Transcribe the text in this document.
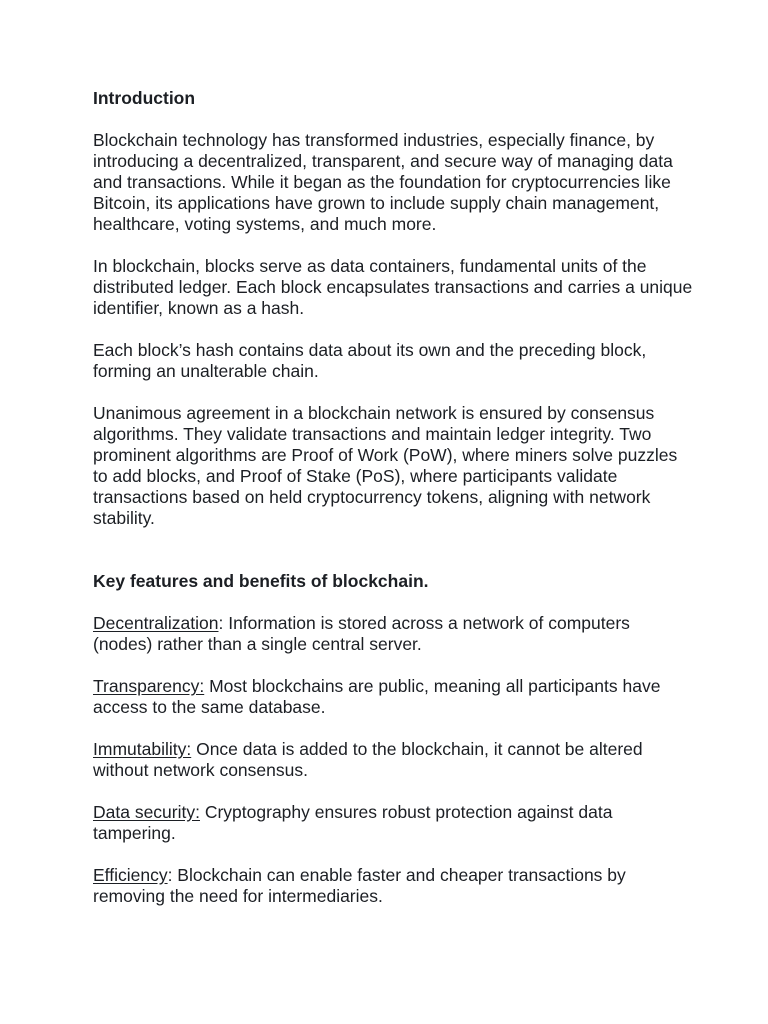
Introduction

Blockchain technology has transformed industries, especially finance, by introducing a decentralized, transparent, and secure way of managing data and transactions. While it began as the foundation for cryptocurrencies like Bitcoin, its applications have grown to include supply chain management, healthcare, voting systems, and much more.

In blockchain, blocks serve as data containers, fundamental units of the distributed ledger. Each block encapsulates transactions and carries a unique identifier, known as a hash.

Each block’s hash contains data about its own and the preceding block, forming an unalterable chain.

Unanimous agreement in a blockchain network is ensured by consensus algorithms. They validate transactions and maintain ledger integrity. Two prominent algorithms are Proof of Work (PoW), where miners solve puzzles to add blocks, and Proof of Stake (PoS), where participants validate transactions based on held cryptocurrency tokens, aligning with network stability.

Key features and benefits of blockchain.

Decentralization: Information is stored across a network of computers (nodes) rather than a single central server.

Transparency: Most blockchains are public, meaning all participants have access to the same database.

Immutability: Once data is added to the blockchain, it cannot be altered without network consensus.

Data security: Cryptography ensures robust protection against data tampering.

Efficiency: Blockchain can enable faster and cheaper transactions by removing the need for intermediaries.
